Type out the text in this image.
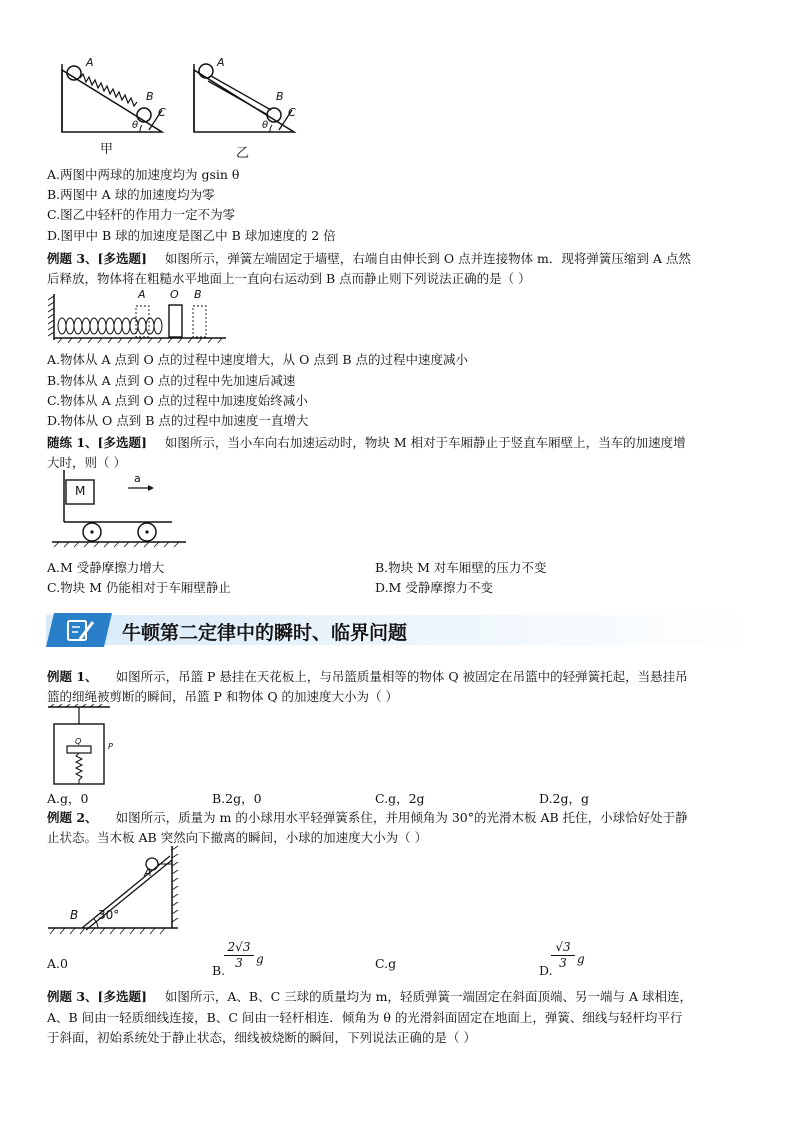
A
B
C
θ
甲
A
B
C
θ
乙
A.两图中两球的加速度均为 gsin θ
B.两图中 A 球的加速度均为零
C.图乙中轻杆的作用力一定不为零
D.图甲中 B 球的加速度是图乙中 B 球加速度的 2 倍
例题 3、[多选题] 如图所示，弹簧左端固定于墙壁，右端自由伸长到 O 点并连接物体 m．现将弹簧压缩到 A 点然
后释放，物体将在粗糙水平地面上一直向右运动到 B 点而静止则下列说法正确的是（ ）
A O B
A.物体从 A 点到 O 点的过程中速度增大，从 O 点到 B 点的过程中速度减小
B.物体从 A 点到 O 点的过程中先加速后减速
C.物体从 A 点到 O 点的过程中加速度始终减小
D.物体从 O 点到 B 点的过程中加速度一直增大
随练 1、[多选题] 如图所示，当小车向右加速运动时，物块 M 相对于车厢静止于竖直车厢壁上，当车的加速度增
大时，则（ ）
M
a
A.M 受静摩擦力增大	B.物块 M 对车厢壁的压力不变
C.物块 M 仍能相对于车厢壁静止	D.M 受静摩擦力不变
牛顿第二定律中的瞬时、临界问题
例题 1、 如图所示，吊篮 P 悬挂在天花板上，与吊篮质量相等的物体 Q 被固定在吊篮中的轻弹簧托起，当悬挂吊
篮的细绳被剪断的瞬间，吊篮 P 和物体 Q 的加速度大小为（ ）
Q
P
A.g，0	B.2g，0	C.g，2g	D.2g，g
例题 2、 如图所示，质量为 m 的小球用水平轻弹簧系住，并用倾角为 30°的光滑木板 AB 托住，小球恰好处于静
止状态。当木板 AB 突然向下撤离的瞬间，小球的加速度大小为（ ）
A
B 30°
A.0	B.
$\frac{2√3}{3}$ g	C.g	D.
$\frac{√3}{3}$ g
例题 3、[多选题] 如图所示，A、B、C 三球的质量均为 m，轻质弹簧一端固定在斜面顶端、另一端与 A 球相连，
A、B 间由一轻质细线连接，B、C 间由一轻杆相连．倾角为 θ 的光滑斜面固定在地面上，弹簧、细线与轻杆均平行
于斜面，初始系统处于静止状态，细线被烧断的瞬间，下列说法正确的是（ ）
